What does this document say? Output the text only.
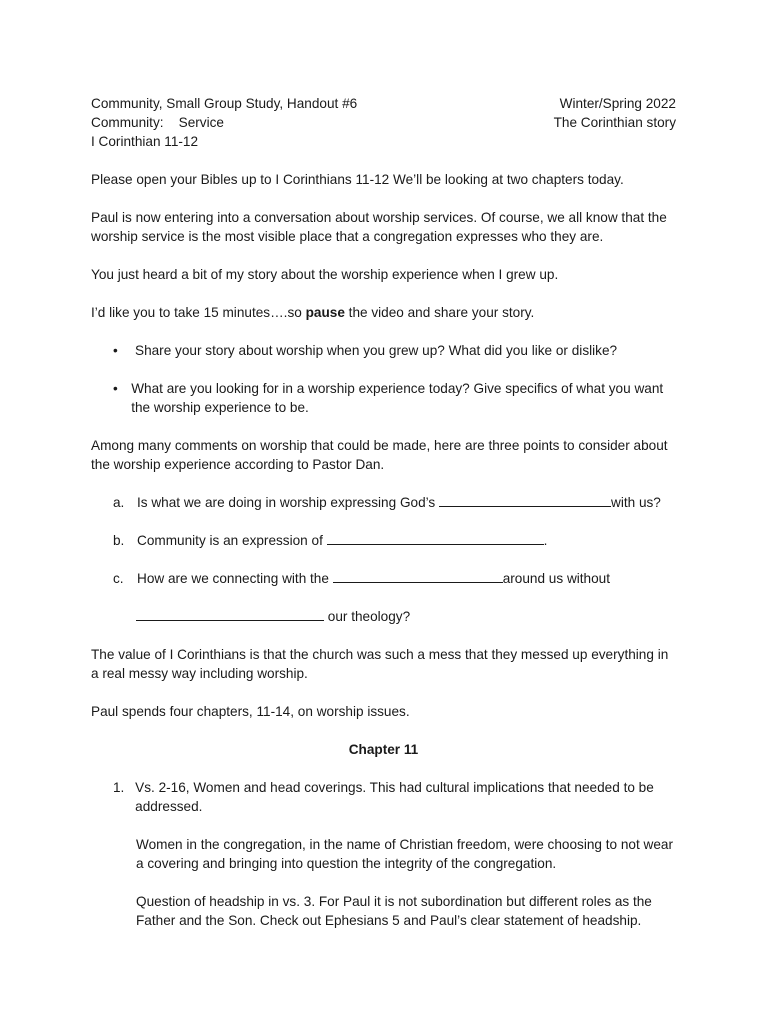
Community, Small Group Study, Handout #6

Community:    Service

I Corinthian 11-12

Winter/Spring 2022

The Corinthian story

Please open your Bibles up to I Corinthians 11-12 We’ll be looking at two chapters today.

Paul is now entering into a conversation about worship services. Of course, we all know that the worship service is the most visible place that a congregation expresses who they are.

You just heard a bit of my story about the worship experience when I grew up.

I’d like you to take 15 minutes….so pause the video and share your story.

•	Share your story about worship when you grew up? What did you like or dislike?
• What are you looking for in a worship experience today? Give specifics of what you want the worship experience to be.

Among many comments on worship that could be made, here are three points to consider about the worship experience according to Pastor Dan.

a. Is what we are doing in worship expressing God’s	with us?
b. Community is an expression of	.
c. How are we connecting with the	around us without

our theology?

The value of I Corinthians is that the church was such a mess that they messed up everything in a real messy way including worship.

Paul spends four chapters, 11-14, on worship issues.

Chapter 11

1. Vs. 2-16, Women and head coverings. This had cultural implications that needed to be addressed.

Women in the congregation, in the name of Christian freedom, were choosing to not wear a covering and bringing into question the integrity of the congregation.

Question of headship in vs. 3. For Paul it is not subordination but different roles as the Father and the Son. Check out Ephesians 5 and Paul’s clear statement of headship.
